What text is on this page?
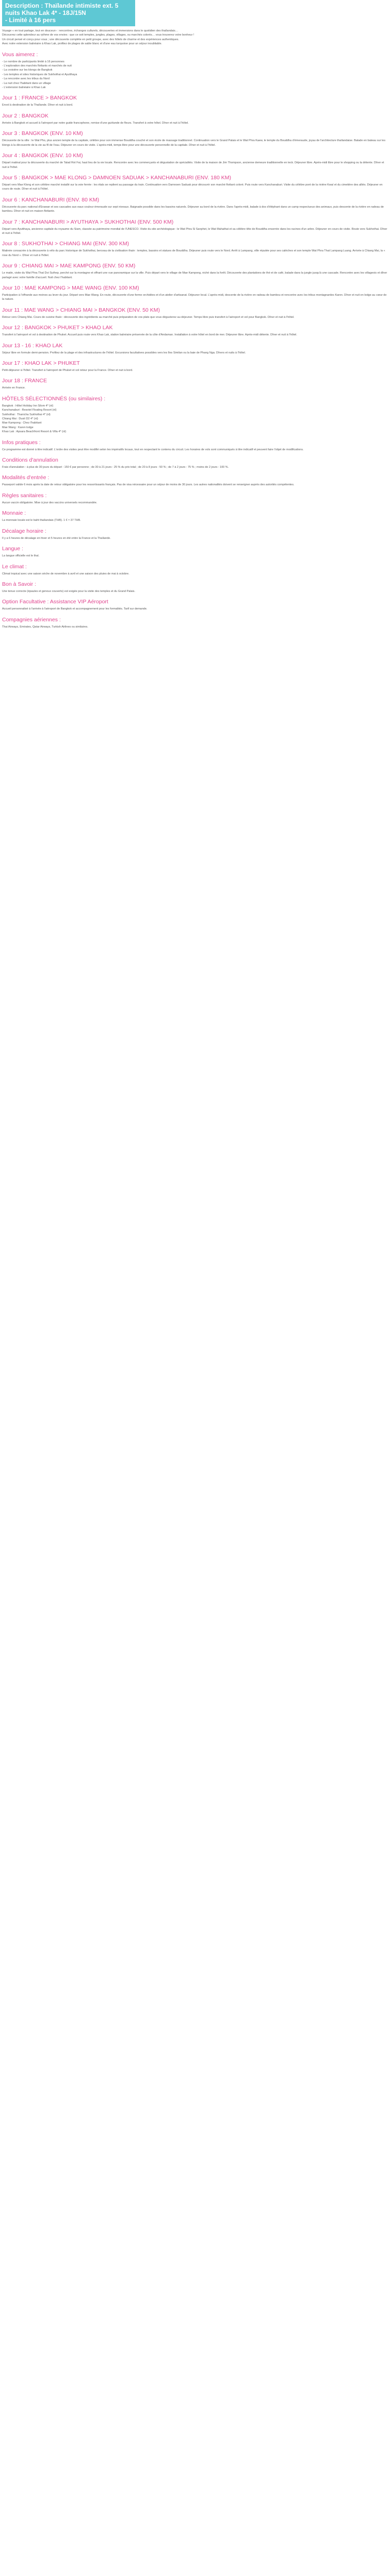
Description : Thaïlande intimiste ext. 5 nuits Khao Lak 4* - 18J/15N
- Limité à 16 pers

Voyage « en tout partage, tout en douceur» : rencontres, échanges culturels, découvertes et immersions dans le quotidien des thaïlandais…

Découvrez cette splendeur au rythme de vos envies : que ce soit temples, jungles, plages, villages, ou marchés colorés… vous trouverez votre bonheur !

Un circuit pensé et conçu pour vous ; une découverte complète en petit groupe, avec des hôtels de charme et des expériences authentiques.

Avec notre extension balnéaire à Khao Lak, profitez de plages de sable blanc et d'une eau turquoise pour un séjour inoubliable.

Vous aimerez :
- Le nombre de participants limité à 16 personnes
- L'exploration des marchés flottants et marchés de nuit
- La croisière sur les klongs de Bangkok
- Les temples et sites historiques de Sukhothai et Ayutthaya
- La rencontre avec les tribus du Nord
- La nuit chez l'habitant dans un village
- L'extension balnéaire à Khao Lak
Jour 1 : FRANCE > BANGKOK

Envol à destination de la Thaïlande. Dîner et nuit à bord.

Jour 2 : BANGKOK

Arrivée à Bangkok et accueil à l'aéroport par notre guide francophone, remise d'une guirlande de fleurs. Transfert à votre hôtel. Dîner et nuit à l'hôtel.

Jour 3 : BANGKOK (ENV. 10 KM)

Découverte de la ville : le Wat Pho, plus ancien temple de la capitale, célèbre pour son immense Bouddha couché et son école de massage traditionnel. Continuation vers le Grand Palais et le Wat Phra Kaew, le temple du Bouddha d'émeraude, joyau de l'architecture thaïlandaise. Balade en bateau sur les klongs à la découverte de la vie au fil de l'eau. Déjeuner en cours de visite. L'après-midi, temps libre pour une découverte personnelle de la capitale. Dîner et nuit à l'hôtel.

Jour 4 : BANGKOK (ENV. 10 KM)

Départ matinal pour la découverte du marché de Talad Rot Fai, haut lieu de la vie locale. Rencontre avec les commerçants et dégustation de spécialités. Visite de la maison de Jim Thompson, ancienne demeure traditionnelle en teck. Déjeuner libre. Après-midi libre pour le shopping ou la détente. Dîner et nuit à l'hôtel.

Jour 5 : BANGKOK > MAE KLONG > DAMNOEN SADUAK > KANCHANABURI (ENV. 180 KM)

Départ vers Mae Klong et son célèbre marché installé sur la voie ferrée : les étals se replient au passage du train. Continuation vers Damnoen Saduak pour découvrir son marché flottant coloré. Puis route vers Kanchanaburi. Visite du célèbre pont de la rivière Kwaï et du cimetière des alliés. Déjeuner en cours de route. Dîner et nuit à l'hôtel.

Jour 6 : KANCHANABURI (ENV. 80 KM)

Découverte du parc national d'Erawan et ses cascades aux eaux couleur émeraude sur sept niveaux. Baignade possible dans les bassins naturels. Déjeuner au bord de la rivière. Dans l'après-midi, balade à dos d'éléphant dans un camp respectueux des animaux, puis descente de la rivière en radeau de bambou. Dîner et nuit en maison flottante.

Jour 7 : KANCHANABURI > AYUTHAYA > SUKHOTHAI (ENV. 500 KM)

Départ vers Ayutthaya, ancienne capitale du royaume du Siam, classée au patrimoine mondial de l'UNESCO. Visite du site archéologique : le Wat Phra Si Sanphet, le Wat Mahathat et sa célèbre tête de Bouddha enserrée dans les racines d'un arbre. Déjeuner en cours de visite. Route vers Sukhothai. Dîner et nuit à l'hôtel.

Jour 8 : SUKHOTHAI > CHIANG MAI (ENV. 300 KM)

Matinée consacrée à la découverte à vélo du parc historique de Sukhothai, berceau de la civilisation thaïe : temples, bassins et statues de Bouddha. Déjeuner puis route vers le Nord. Arrêt à Lampang, ville réputée pour ses calèches et son temple Wat Phra That Lampang Luang. Arrivée à Chiang Mai, la « rose du Nord ». Dîner et nuit à l'hôtel.

Jour 9 : CHIANG MAI > MAE KAMPONG (ENV. 50 KM)

Le matin, visite du Wat Phra That Doi Suthep, perché sur la montagne et offrant une vue panoramique sur la ville. Puis départ vers le village de Mae Kampong, niché dans la forêt. Découverte des plantations de thé et de café, balade dans la jungle jusqu'à une cascade. Rencontre avec les villageois et dîner partagé avec votre famille d'accueil. Nuit chez l'habitant.

Jour 10 : MAE KAMPONG > MAE WANG (ENV. 100 KM)

Participation à l'offrande aux moines au lever du jour. Départ vers Mae Wang. En route, découverte d'une ferme orchidées et d'un atelier d'artisanat. Déjeuner local. L'après-midi, descente de la rivière en radeau de bambou et rencontre avec les tribus montagnardes Karen. Dîner et nuit en lodge au cœur de la nature.

Jour 11 : MAE WANG > CHIANG MAI > BANGKOK (ENV. 50 KM)

Retour vers Chiang Mai. Cours de cuisine thaïe : découverte des ingrédients au marché puis préparation de vos plats que vous dégusterez au déjeuner. Temps libre puis transfert à l'aéroport et vol pour Bangkok. Dîner et nuit à l'hôtel.

Jour 12 : BANGKOK > PHUKET > KHAO LAK

Transfert à l'aéroport et vol à destination de Phuket. Accueil puis route vers Khao Lak, station balnéaire préservée de la côte d'Andaman. Installation à votre hôtel en bord de mer. Déjeuner libre. Après-midi détente. Dîner et nuit à l'hôtel.

Jour 13 - 16 : KHAO LAK

Séjour libre en formule demi-pension. Profitez de la plage et des infrastructures de l'hôtel. Excursions facultatives possibles vers les îles Similan ou la baie de Phang Nga. Dîners et nuits à l'hôtel.

Jour 17 : KHAO LAK > PHUKET

Petit-déjeuner à l'hôtel. Transfert à l'aéroport de Phuket et vol retour pour la France. Dîner et nuit à bord.

Jour 18 : FRANCE

Arrivée en France.

HÔTELS SÉLECTIONNÉS (ou similaires) :
Bangkok : Hôtel Holiday Inn Silom 4* (nl)
Kanchanaburi : Resotel Floating Resort (nl)
Sukhothai : Thanicha Sukhothai 4* (nl)
Chiang Mai : Dusit D2 4* (nl)
Mae Kampong : Chez l'habitant
Mae Wang : Karen lodge
Khao Lak : Apsara Beachfront Resort & Villa 4* (nl)
Infos pratiques :

Ce programme est donné à titre indicatif. L'ordre des visites peut être modifié selon les impératifs locaux, tout en respectant le contenu du circuit. Les horaires de vols sont communiqués à titre indicatif et peuvent faire l'objet de modifications.

Conditions d'annulation

Frais d'annulation : à plus de 30 jours du départ : 150 € par personne ; de 30 à 21 jours : 25 % du prix total ; de 20 à 8 jours : 50 % ; de 7 à 2 jours : 75 % ; moins de 2 jours : 100 %.

Modalités d'entrée :

Passeport valide 6 mois après la date de retour obligatoire pour les ressortissants français. Pas de visa nécessaire pour un séjour de moins de 30 jours. Les autres nationalités doivent se renseigner auprès des autorités compétentes.

Règles sanitaires :

Aucun vaccin obligatoire. Mise à jour des vaccins universels recommandée.

Monnaie :

La monnaie locale est le baht thaïlandais (THB). 1 € ≈ 37 THB.

Décalage horaire :

Il y a 6 heures de décalage en hiver et 5 heures en été entre la France et la Thaïlande.

Langue :

La langue officielle est le thaï.

Le climat :

Climat tropical avec une saison sèche de novembre à avril et une saison des pluies de mai à octobre.

Bon à Savoir :

Une tenue correcte (épaules et genoux couverts) est exigée pour la visite des temples et du Grand Palais.

Option Facultative : Assistance VIP Aéroport

Accueil personnalisé à l'arrivée à l'aéroport de Bangkok et accompagnement pour les formalités. Tarif sur demande.

Compagnies aériennes :

Thai Airways, Emirates, Qatar Airways, Turkish Airlines ou similaires.
